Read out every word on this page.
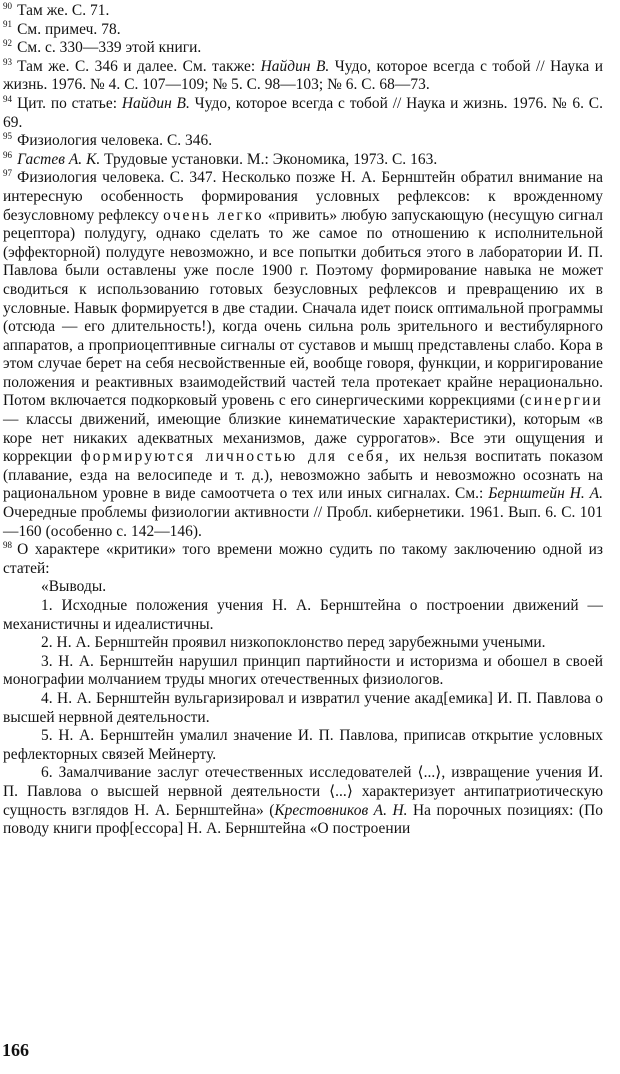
$^{90}$ Там же. С. 71.

$^{91}$ См. примеч. 78.

$^{92}$ См. с. 330—339 этой книги.

$^{93}$ Там же. С. 346 и далее. См. также: Найдин В. Чудо, которое всегда с тобой // Наука и жизнь. 1976. № 4. С. 107—109; № 5. С. 98—103; № 6. С. 68—73.

$^{94}$ Цит. по статье: Найдин В. Чудо, которое всегда с тобой // Наука и жизнь. 1976. № 6. С. 69.

$^{95}$ Физиология человека. С. 346.

$^{96}$ Гастев А. К. Трудовые установки. М.: Экономика, 1973. С. 163.

$^{97}$ Физиология человека. С. 347. Несколько позже Н. А. Бернштейн обратил внимание на интересную особенность формирования условных рефлексов: к врожденному безусловному рефлексу очень легко «привить» любую запускающую (несущую сигнал рецептора) полудугу, однако сделать то же самое по отношению к исполнительной (эффекторной) полудуге невозможно, и все попытки добиться этого в лаборатории И. П. Павлова были оставлены уже после 1900 г. Поэтому формирование навыка не может сводиться к использованию готовых безусловных рефлексов и превращению их в условные. Навык формируется в две стадии. Сначала идет поиск оптимальной программы (отсюда — его длительность!), когда очень сильна роль зрительного и вестибулярного аппаратов, а проприоцептивные сигналы от суставов и мышц представлены слабо. Кора в этом случае берет на себя несвойственные ей, вообще говоря, функции, и корригирование положения и реактивных взаимодействий частей тела протекает крайне нерационально. Потом включается подкорковый уровень с его синергическими коррекциями (синергии — классы движений, имеющие близкие кинематические характеристики), которым «в коре нет никаких адекватных механизмов, даже суррогатов». Все эти ощущения и коррекции формируются личностью для себя, их нельзя воспитать показом (плавание, езда на велосипеде и т. д.), невозможно забыть и невозможно осознать на рациональном уровне в виде самоотчета о тех или иных сигналах. См.: Бернштейн Н. А. Очередные проблемы физиологии активности // Пробл. кибернетики. 1961. Вып. 6. С. 101—160 (особенно с. 142—146).

$^{98}$ О характере «критики» того времени можно судить по такому заключению одной из статей:

«Выводы.

1. Исходные положения учения Н. А. Бернштейна о построении движений — механистичны и идеалистичны.

2. Н. А. Бернштейн проявил низкопоклонство перед зарубежными учеными.

3. Н. А. Бернштейн нарушил принцип партийности и историзма и обошел в своей монографии молчанием труды многих отечественных физиологов.

4. Н. А. Бернштейн вульгаризировал и извратил учение акад[емика] И. П. Павлова о высшей нервной деятельности.

5. Н. А. Бернштейн умалил значение И. П. Павлова, приписав открытие условных рефлекторных связей Мейнерту.

6. Замалчивание заслуг отечественных исследователей ⟨...⟩, извращение учения И. П. Павлова о высшей нервной деятельности ⟨...⟩ характеризует антипатриотическую сущность взглядов Н. А. Бернштейна» (Крестовников А. Н. На порочных позициях: (По поводу книги проф[ессора] Н. А. Бернштейна «О построении

166
